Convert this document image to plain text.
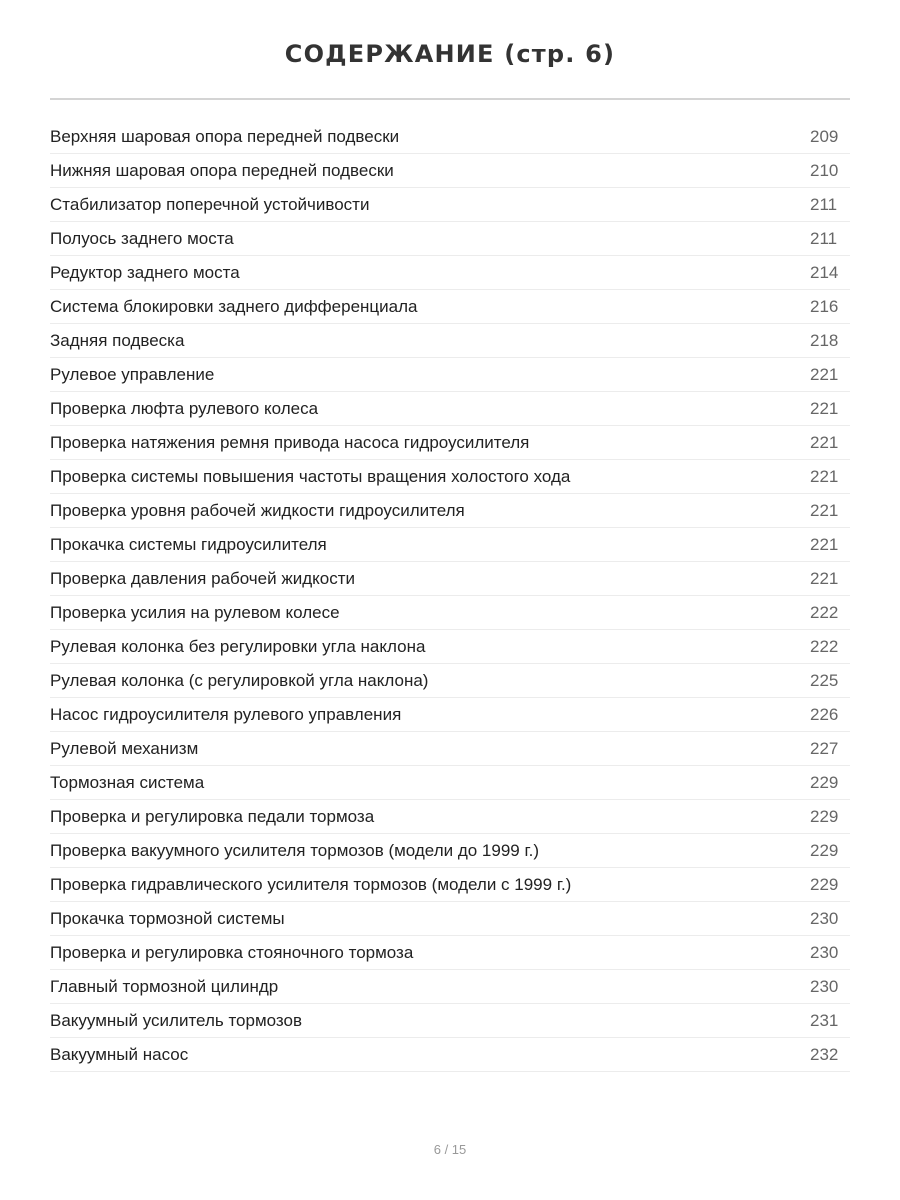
СОДЕРЖАНИЕ (стр. 6)
Верхняя шаровая опора передней подвески	209
Нижняя шаровая опора передней подвески	210
Стабилизатор поперечной устойчивости	211
Полуось заднего моста	211
Редуктор заднего моста	214
Система блокировки заднего дифференциала	216
Задняя подвеска	218
Рулевое управление	221
Проверка люфта рулевого колеса	221
Проверка натяжения ремня привода насоса гидроусилителя	221
Проверка системы повышения частоты вращения холостого хода	221
Проверка уровня рабочей жидкости гидроусилителя	221
Прокачка системы гидроусилителя	221
Проверка давления рабочей жидкости	221
Проверка усилия на рулевом колесе	222
Рулевая колонка без регулировки угла наклона	222
Рулевая колонка (с регулировкой угла наклона)	225
Насос гидроусилителя рулевого управления	226
Рулевой механизм	227
Тормозная система	229
Проверка и регулировка педали тормоза	229
Проверка вакуумного усилителя тормозов (модели до 1999 г.)	229
Проверка гидравлического усилителя тормозов (модели с 1999 г.)	229
Прокачка тормозной системы	230
Проверка и регулировка стояночного тормоза	230
Главный тормозной цилиндр	230
Вакуумный усилитель тормозов	231
Вакуумный насос	232
6 / 15
